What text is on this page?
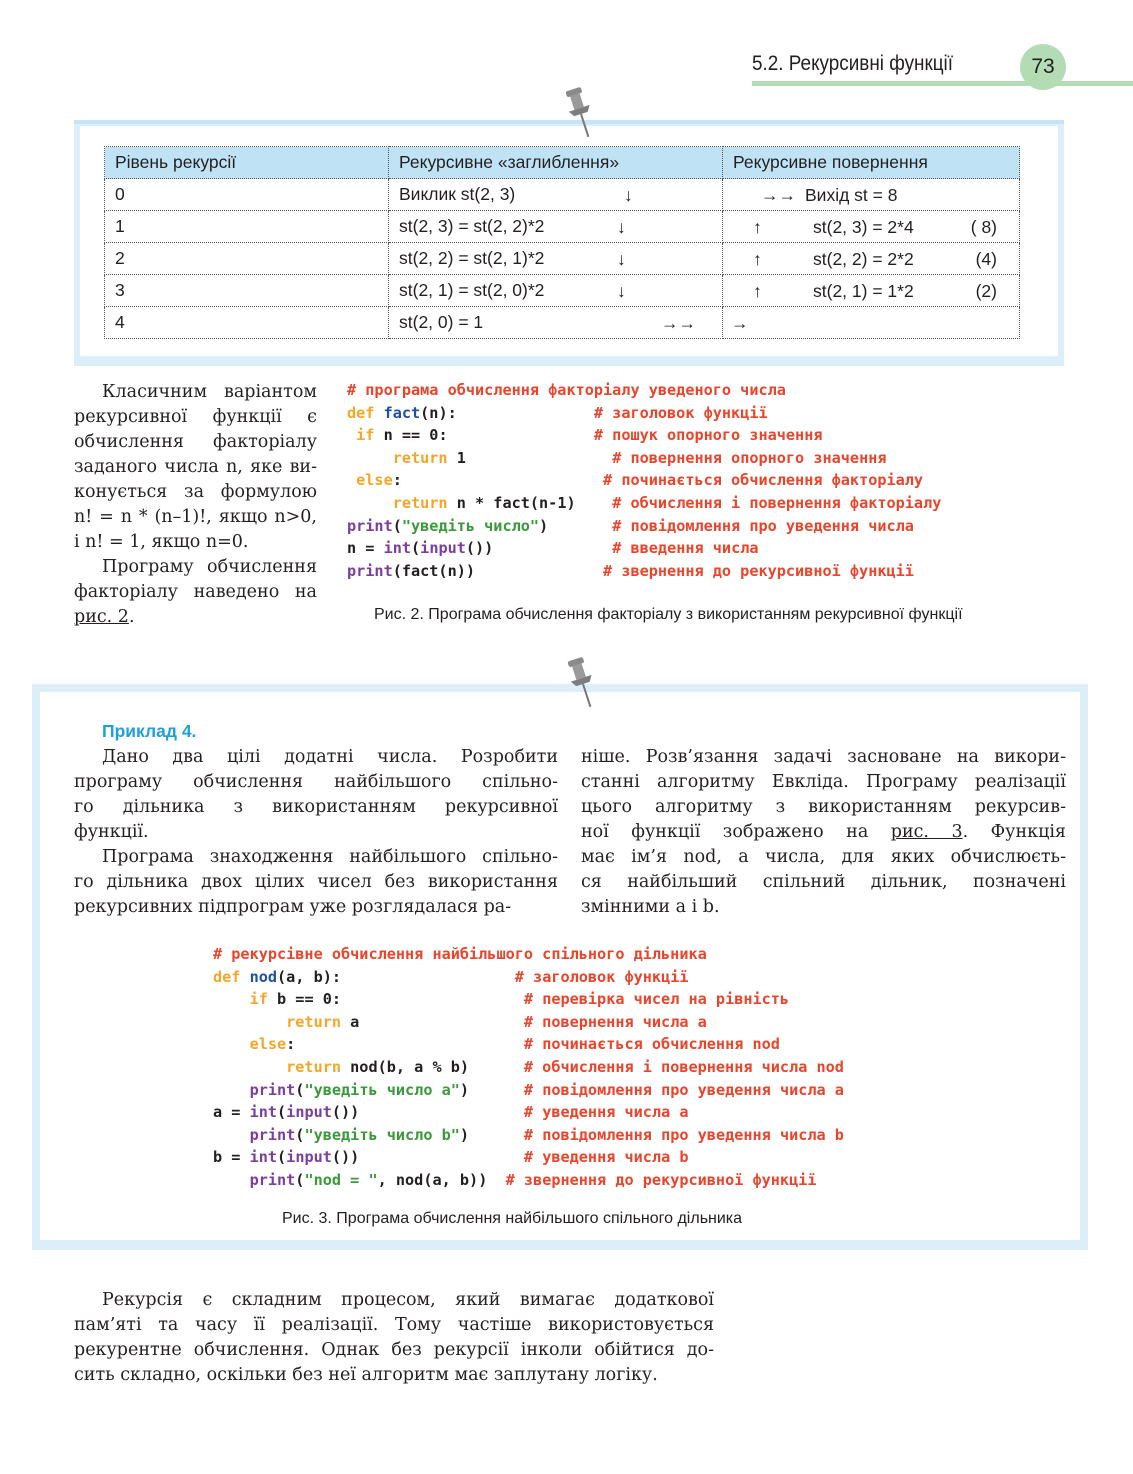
5.2. Рекурсивні функції	73
Рівень рекурсії	Рекурсивне «заглиблення»	Рекурсивне повернення
0	Виклик st(2, 3) ↓	→→ Вихід st = 8

1	st(2, 3) = st(2, 2)*2 ↓	↑ st(2, 3) = 2*4 ( 8)

2	st(2, 2) = st(2, 1)*2 ↓	↑ st(2, 2) = 2*2 (4)

3	st(2, 1) = st(2, 0)*2 ↓	↑ st(2, 1) = 1*2 (2)

4	st(2, 0) = 1 →→	→

Класичним варіантом
рекурсивної функції є
обчислення факторіалу
заданого числа n, яке ви-
конується за формулою
n! = n * (n–1)!, якщо n>0,
і n! = 1, якщо n=0.

Програму обчислення
факторіалу наведено на
рис. 2.

# програма обчислення факторіалу уведеного числа
def fact(n):               # заголовок функції
if n == 0:                # пошук опорного значення
return 1                # повернення опорного значення
else:                      # починається обчислення факторіалу
return n * fact(n-1)    # обчислення і повернення факторіалу
print("уведіть число")       # повідомлення про уведення числа
n = int(input())             # введення числа
print(fact(n))              # звернення до рекурсивної функції
Рис. 2. Програма обчислення факторіалу з використанням рекурсивної функції
Приклад 4.

Дано два цілі додатні числа. Розробити
програму обчислення найбільшого спільно-
го дільника з використанням рекурсивної
функції.

Програма знаходження найбільшого спільно-
го дільника двох цілих чисел без використання
рекурсивних підпрограм уже розглядалася ра-

ніше. Розв’язання задачі засноване на викори-
станні алгоритму Евкліда. Програму реалізації
цього алгоритму з використанням рекурсив-
ної функції зображено на рис. 3. Функція
має ім’я nod, а числа, для яких обчислюєть-
ся найбільший спільний дільник, позначені
змінними a і b.

# рекурсівне обчислення найбільшого спільного дільника
def nod(a, b):                   # заголовок функції
if b == 0:                    # перевірка чисел на рівність
return a                  # повернення числа a
else:                         # починається обчислення nod
return nod(b, a % b)      # обчислення і повернення числа nod
print("уведіть число a")      # повідомлення про уведення числа a
a = int(input())                  # уведення числа a
print("уведіть число b")      # повідомлення про уведення числа b
b = int(input())                  # уведення числа b
print("nod = ", nod(a, b))  # звернення до рекурсивної функції
Рис. 3. Програма обчислення найбільшого спільного дільника

Рекурсія є складним процесом, який вимагає додаткової
пам’яті та часу її реалізації. Тому частіше використовується
рекурентне обчислення. Однак без рекурсії інколи обійтися до-
сить складно, оскільки без неї алгоритм має заплутану логіку.
